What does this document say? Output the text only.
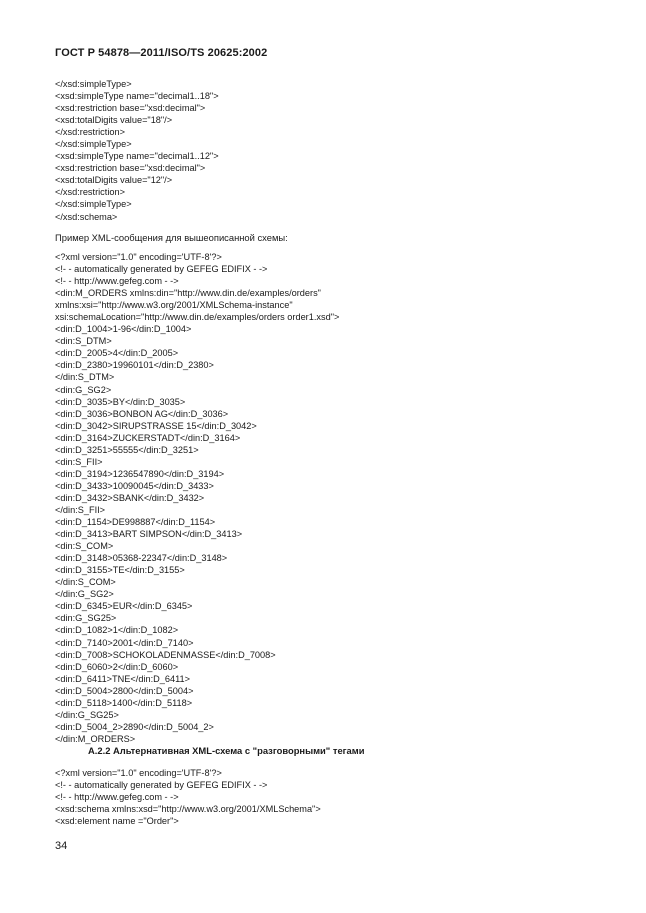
ГОСТ Р 54878—2011/ISO/TS 20625:2002
</xsd:simpleType>
<xsd:simpleType name="decimal1..18">
<xsd:restriction base="xsd:decimal">
<xsd:totalDigits value="18"/>
</xsd:restriction>
</xsd:simpleType>
<xsd:simpleType name="decimal1..12">
<xsd:restriction base="xsd:decimal">
<xsd:totalDigits value="12"/>
</xsd:restriction>
</xsd:simpleType>
</xsd:schema>
Пример XML-сообщения для вышеописанной схемы:
<?xml version="1.0" encoding='UTF-8'?>
<!- - automatically generated by GEFEG EDIFIX - ->
<!- - http://www.gefeg.com - ->
<din:M_ORDERS xmlns:din="http://www.din.de/examples/orders"
xmlns:xsi="http://www.w3.org/2001/XMLSchema-instance"
xsi:schemaLocation="http://www.din.de/examples/orders order1.xsd">
<din:D_1004>1-96</din:D_1004>
<din:S_DTM>
<din:D_2005>4</din:D_2005>
<din:D_2380>19960101</din:D_2380>
</din:S_DTM>
<din:G_SG2>
<din:D_3035>BY</din:D_3035>
<din:D_3036>BONBON AG</din:D_3036>
<din:D_3042>SIRUPSTRASSE 15</din:D_3042>
<din:D_3164>ZUCKERSTADT</din:D_3164>
<din:D_3251>55555</din:D_3251>
<din:S_FII>
<din:D_3194>1236547890</din:D_3194>
<din:D_3433>10090045</din:D_3433>
<din:D_3432>SBANK</din:D_3432>
</din:S_FII>
<din:D_1154>DE998887</din:D_1154>
<din:D_3413>BART SIMPSON</din:D_3413>
<din:S_COM>
<din:D_3148>05368-22347</din:D_3148>
<din:D_3155>TE</din:D_3155>
</din:S_COM>
</din:G_SG2>
<din:D_6345>EUR</din:D_6345>
<din:G_SG25>
<din:D_1082>1</din:D_1082>
<din:D_7140>2001</din:D_7140>
<din:D_7008>SCHOKOLADENMASSE</din:D_7008>
<din:D_6060>2</din:D_6060>
<din:D_6411>TNE</din:D_6411>
<din:D_5004>2800</din:D_5004>
<din:D_5118>1400</din:D_5118>
</din:G_SG25>
<din:D_5004_2>2890</din:D_5004_2>
</din:M_ORDERS>
А.2.2 Альтернативная XML-схема с "разговорными" тегами
<?xml version="1.0" encoding='UTF-8'?>
<!- - automatically generated by GEFEG EDIFIX - ->
<!- - http://www.gefeg.com - ->
<xsd:schema xmlns:xsd="http://www.w3.org/2001/XMLSchema">
<xsd:element name ="Order">
34
